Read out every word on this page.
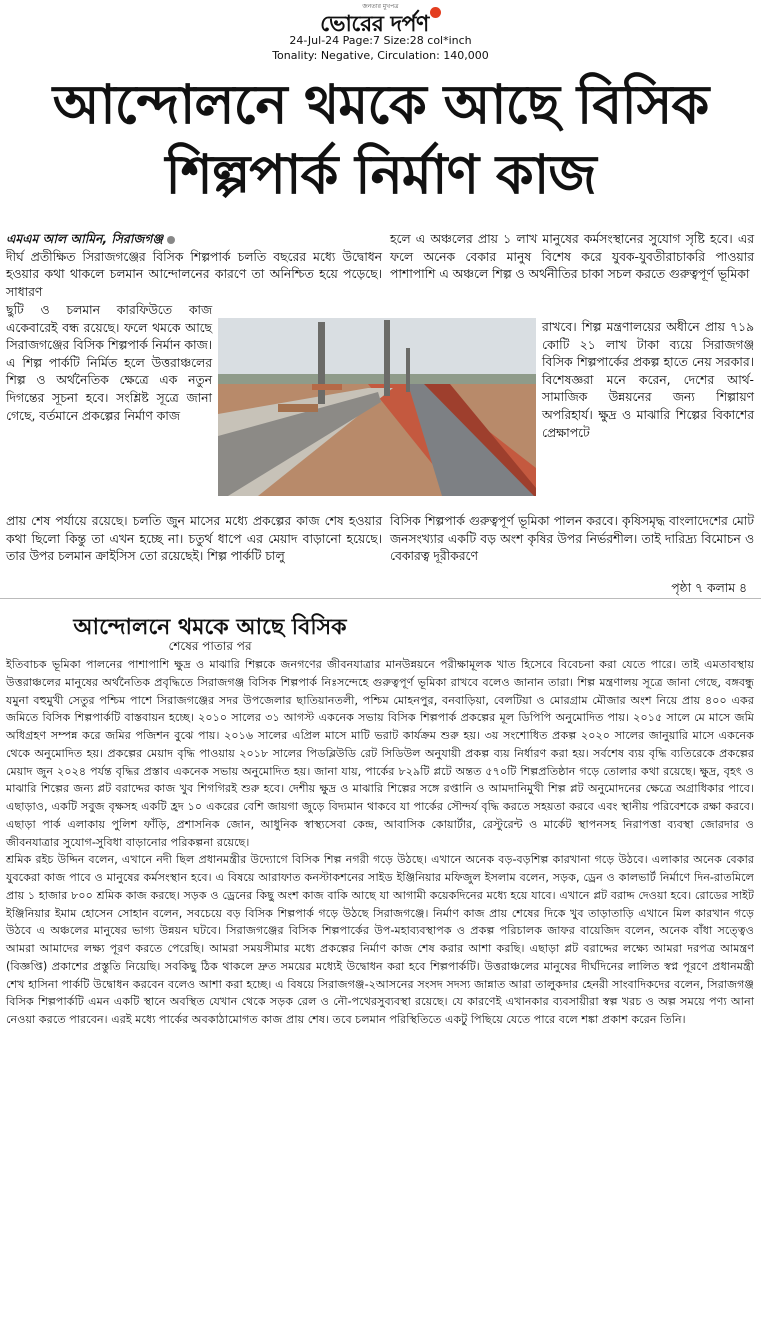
জনতার মুখপত্র
ভোরের দর্পণ
24-Jul-24 Page:7 Size:28 col*inch
Tonality: Negative, Circulation: 140,000
আন্দোলনে থমকে আছে বিসিক
শিল্পপার্ক নির্মাণ কাজ

এমএম আল আমিন, সিরাজগঞ্জ

দীর্ঘ প্রতীক্ষিত সিরাজগঞ্জের বিসিক শিল্পপার্ক চলতি বছরের মধ্যে উদ্বোধন হওয়ার কথা থাকলে চলমান আন্দোলনের কারণে তা অনিশ্চিত হয়ে পড়েছে। সাধারণ

ছুটি ও চলমান কারফিউতে কাজ একেবারেই বন্ধ রয়েছে। ফলে থমকে আছে সিরাজগঞ্জের বিসিক শিল্পপার্ক নির্মান কাজ। এ শিল্প পার্কটি নির্মিত হলে উত্তরাঞ্চলের শিল্প ও অর্থনৈতিক ক্ষেত্রে এক নতুন দিগন্তের সূচনা হবে। সংশ্লিষ্ট সূত্রে জানা গেছে, বর্তমানে প্রকল্পের নির্মাণ কাজ

হলে এ অঞ্চলের প্রায় ১ লাখ মানুষের কর্মসংস্থানের সুযোগ সৃষ্টি হবে। এর ফলে অনেক বেকার মানুষ বিশেষ করে যুবক-যুবতীরাচাকরি পাওয়ার পাশাপাশি এ অঞ্চলে শিল্প ও অর্থনীতির চাকা সচল করতে গুরুত্বপূর্ণ ভূমিকা

রাখবে। শিল্প মন্ত্রণালয়ের অধীনে প্রায় ৭১৯ কোটি ২১ লাখ টাকা ব্যয়ে সিরাজগঞ্জ বিসিক শিল্পপার্কের প্রকল্প হাতে নেয় সরকার। বিশেষজ্ঞরা মনে করেন, দেশের আর্থ-সামাজিক উন্নয়নের জন্য শিল্পায়ণ অপরিহার্য। ক্ষুদ্র ও মাঝারি শিল্পের বিকাশের প্রেক্ষাপটে

প্রায় শেষ পর্যায়ে রয়েছে। চলতি জুন মাসের মধ্যে প্রকল্পের কাজ শেষ হওয়ার কথা ছিলো কিন্তু তা এখন হচ্ছে না। চতুর্থ ধাপে এর মেয়াদ বাড়ানো হয়েছে। তার উপর চলমান ক্রাইসিস তো রয়েছেই। শিল্প পার্কটি চালু

বিসিক শিল্পপার্ক গুরুত্বপূর্ণ ভূমিকা পালন করবে। কৃষিসমৃদ্ধ বাংলাদেশের মোট জনসংখ্যার একটি বড় অংশ কৃষির উপর নির্ভরশীল। তাই দারিদ্র্য বিমোচন ও বেকারত্ব দূরীকরণে

পৃষ্ঠা ৭ কলাম ৪
আন্দোলনে থমকে আছে বিসিক
শেষের পাতার পর

ইতিবাচক ভূমিকা পালনের পাশাপাশি ক্ষুদ্র ও মাঝারি শিল্পকে জনগণের জীবনযাত্রার মানউন্নয়নে পরীক্ষামূলক খাত হিসেবে বিবেচনা করা যেতে পারে। তাই এমতাবস্থায় উত্তরাঞ্চলের মানুষের অর্থনৈতিক প্রবৃদ্ধিতে সিরাজগঞ্জ বিসিক শিল্পপার্ক নিঃসন্দেহে গুরুত্বপূর্ণ ভূমিকা রাখবে বলেও জানান তারা। শিল্প মন্ত্রণালয় সূত্রে জানা গেছে, বঙ্গবন্ধু যমুনা বহুমুখী সেতুর পশ্চিম পাশে সিরাজগঞ্জের সদর উপজেলার ছাতিয়ানতলী, পশ্চিম মোহনপুর, বনবাড়িয়া, বেলটিয়া ও মোরগ্রাম মৌজার অংশ নিয়ে প্রায় ৪০০ একর জমিতে বিসিক শিল্পপার্কটি বাস্তবায়ন হচ্ছে। ২০১০ সালের ৩১ আগস্ট একনেক সভায় বিসিক শিল্পপার্ক প্রকল্পের মূল ডিপিপি অনুমোদিত পায়। ২০১৫ সালে মে মাসে জমি অধিগ্রহণ সম্পন্ন করে জমির পজিশন বুঝে পায়। ২০১৬ সালের এপ্রিল মাসে মাটি ভরাট কার্যক্রম শুরু হয়। ৩য় সংশোধিত প্রকল্প ২০২০ সালের জানুয়ারি মাসে একনেক থেকে অনুমোদিত হয়। প্রকল্পের মেয়াদ বৃদ্ধি পাওয়ায় ২০১৮ সালের পিডব্লিউডি রেট সিডিউল অনুযায়ী প্রকল্প ব্যয় নির্ধারণ করা হয়। সর্বশেষ ব্যয় বৃদ্ধি ব্যতিরেকে প্রকল্পের মেয়াদ জুন ২০২৪ পর্যন্ত বৃদ্ধির প্রস্তাব একনেক সভায় অনুমোদিত হয়। জানা যায়, পার্কের ৮২৯টি প্লটে অন্তত ৫৭০টি শিল্পপ্রতিষ্ঠান গড়ে তোলার কথা রয়েছে। ক্ষুদ্র, বৃহৎ ও মাঝারি শিল্পের জন্য প্লট বরাদ্দের কাজ খুব শিগগিরই শুরু হবে। দেশীয় ক্ষুদ্র ও মাঝারি শিল্পের সঙ্গে রপ্তানি ও আমদানিমুখী শিল্প প্লট অনুমোদনের ক্ষেত্রে অগ্রাধিকার পাবে। এছাড়াও, একটি সবুজ বৃক্ষসহ একটি হ্রদ ১০ একরের বেশি জায়গা জুড়ে বিদ্যমান থাকবে যা পার্কের সৌন্দর্য বৃদ্ধি করতে সহয়তা করবে এবং স্থানীয় পরিবেশকে রক্ষা করবে। এছাড়া পার্ক এলাকায় পুলিশ ফাঁড়ি, প্রশাসনিক জোন, আধুনিক স্বাস্থ্যসেবা কেন্দ্র, আবাসিক কোয়ার্টার, রেস্টুরেন্ট ও মার্কেট স্থাপনসহ নিরাপত্তা ব্যবস্থা জোরদার ও জীবনযাত্রার সুযোগ-সুবিধা বাড়ানোর পরিকল্পনা রয়েছে।

শ্রমিক রইচ উদ্দিন বলেন, এখানে নদী ছিল প্রধানমন্ত্রীর উদ্যোগে বিসিক শিল্প নগরী গড়ে উঠছে। এখানে অনেক বড়-বড়শিল্প কারখানা গড়ে উঠবে। এলাকার অনেক বেকার যুবকেরা কাজ পাবে ও মানুষের কর্মসংস্থান হবে। এ বিষয়ে আরাফাত কনস্টাকশনের সাইড ইঞ্জিনিয়ার মফিজুল ইসলাম বলেন, সড়ক, ড্রেন ও কালভার্ট নির্মাণে দিন-রাতমিলে প্রায় ১ হাজার ৮০০ শ্রমিক কাজ করছে। সড়ক ও ড্রেনের কিছু অংশ কাজ বাকি আছে যা আগামী কয়েকদিনের মধ্যে হয়ে যাবে। এখানে প্লট বরাদ্দ দেওয়া হবে। রোডের সাইট ইঞ্জিনিয়ার ইমাম হোসেন সোহান বলেন, সবচেয়ে বড় বিসিক শিল্পপার্ক গড়ে উঠছে সিরাজগঞ্জে। নির্মাণ কাজ প্রায় শেষের দিকে খুব তাড়াতাড়ি এখানে মিল কারখান গড়ে উঠবে এ অঞ্চলের মানুষের ভাগ্য উন্নয়ন ঘটবে। সিরাজগঞ্জের বিসিক শিল্পপার্কের উপ-মহাব্যবস্থাপক ও প্রকল্প পরিচালক জাফর বায়েজিদ বলেন, অনেক বাঁধা সত্ত্বেও আমরা আমাদের লক্ষ্য পূরণ করতে পেরেছি। আমরা সময়সীমার মধ্যে প্রকল্পের নির্মাণ কাজ শেষ করার আশা করছি। এছাড়া প্লট বরাদ্দের লক্ষ্যে আমরা দরপত্র আমন্ত্রণ (বিজ্ঞপ্তি) প্রকাশের প্রস্তুতি নিয়েছি। সবকিছু ঠিক থাকলে দ্রুত সময়ের মধ্যেই উদ্বোধন করা হবে শিল্পপার্কটি। উত্তরাঞ্চলের মানুষের দীর্ঘদিনের লালিত স্বপ্ন পূরণে প্রধানমন্ত্রী শেখ হাসিনা পার্কটি উদ্বোধন করবেন বলেও আশা করা হচ্ছে। এ বিষয়ে সিরাজগঞ্জ-২আসনের সংসদ সদস্য জান্নাত আরা তালুকদার হেনরী সাংবাদিকদের বলেন, সিরাজগঞ্জ বিসিক শিল্পপার্কটি এমন একটি স্থানে অবস্থিত যেখান থেকে সড়ক রেল ও নৌ-পথেরসুব্যবস্থা রয়েছে। যে কারণেই এখানকার ব্যবসায়ীরা স্বল্প খরচ ও অল্প সময়ে পণ্য আনা নেওয়া করতে পারবেন। এরই মধ্যে পার্কের অবকাঠামোগত কাজ প্রায় শেষ। তবে চলমান পরিস্থিতিতে একটু পিছিয়ে যেতে পারে বলে শঙ্কা প্রকাশ করেন তিনি।
